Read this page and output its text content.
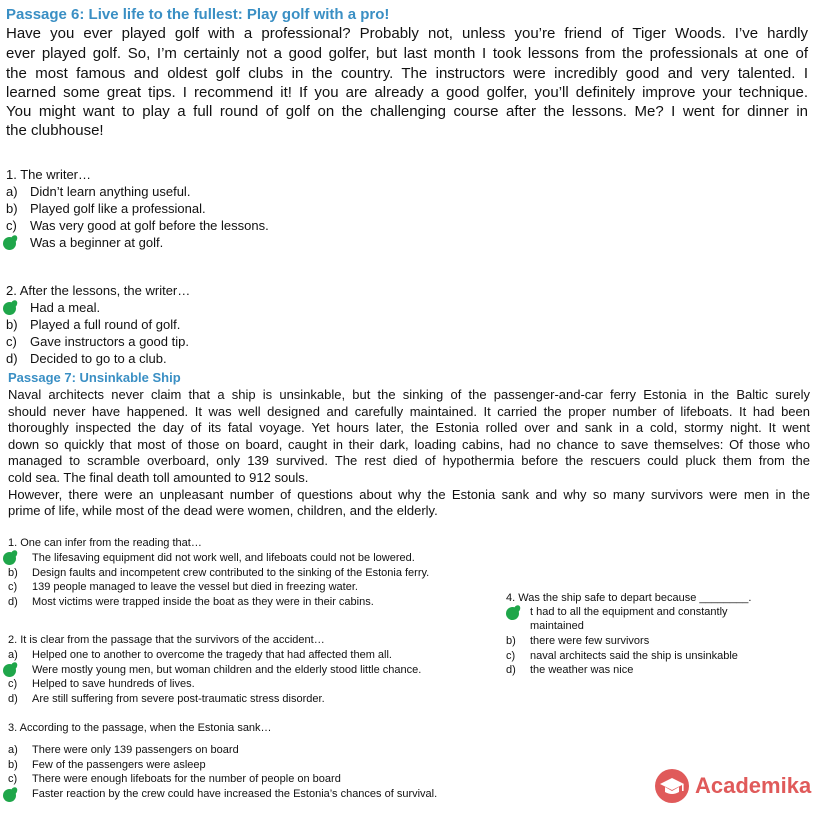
Passage 6: Live life to the fullest: Play golf with a pro!
Have you ever played golf with a professional? Probably not, unless you’re friend of Tiger Woods. I’ve hardly
ever played golf. So, I’m certainly not a good golfer, but last month I took lessons from the professionals at one of
the most famous and oldest golf clubs in the country. The instructors were incredibly good and very talented. I
learned some great tips. I recommend it! If you are already a good golfer, you’ll definitely improve your technique.
You might want to play a full round of golf on the challenging course after the lessons. Me? I went for dinner in
the clubhouse!
1. The writer…
a) Didn’t learn anything useful.
b) Played golf like a professional.
c) Was very good at golf before the lessons.
Was a beginner at golf.
2. After the lessons, the writer…
Had a meal.
b) Played a full round of golf.
c) Gave instructors a good tip.
d) Decided to go to a club.
Passage 7: Unsinkable Ship
Naval architects never claim that a ship is unsinkable, but the sinking of the passenger-and-car ferry Estonia in the Baltic surely
should never have happened. It was well designed and carefully maintained. It carried the proper number of lifeboats. It had been
thoroughly inspected the day of its fatal voyage. Yet hours later, the Estonia rolled over and sank in a cold, stormy night. It went
down so quickly that most of those on board, caught in their dark, loading cabins, had no chance to save themselves: Of those who
managed to scramble overboard, only 139 survived. The rest died of hypothermia before the rescuers could pluck them from the
cold sea. The final death toll amounted to 912 souls.
However, there were an unpleasant number of questions about why the Estonia sank and why so many survivors were men in the
prime of life, while most of the dead were women, children, and the elderly.
1. One can infer from the reading that…
The lifesaving equipment did not work well, and lifeboats could not be lowered.
b) Design faults and incompetent crew contributed to the sinking of the Estonia ferry.
c) 139 people managed to leave the vessel but died in freezing water.
d) Most victims were trapped inside the boat as they were in their cabins.
2. It is clear from the passage that the survivors of the accident…
a) Helped one to another to overcome the tragedy that had affected them all.
Were mostly young men, but woman children and the elderly stood little chance.
c) Helped to save hundreds of lives.
d) Are still suffering from severe post-traumatic stress disorder.
3. According to the passage, when the Estonia sank…
a) There were only 139 passengers on board
b) Few of the passengers were asleep
c) There were enough lifeboats for the number of people on board
Faster reaction by the crew could have increased the Estonia’s chances of survival.
4. Was the ship safe to depart because ________.
t had to all the equipment and constantly
maintained
b) there were few survivors
c) naval architects said the ship is unsinkable
d) the weather was nice
Academika
